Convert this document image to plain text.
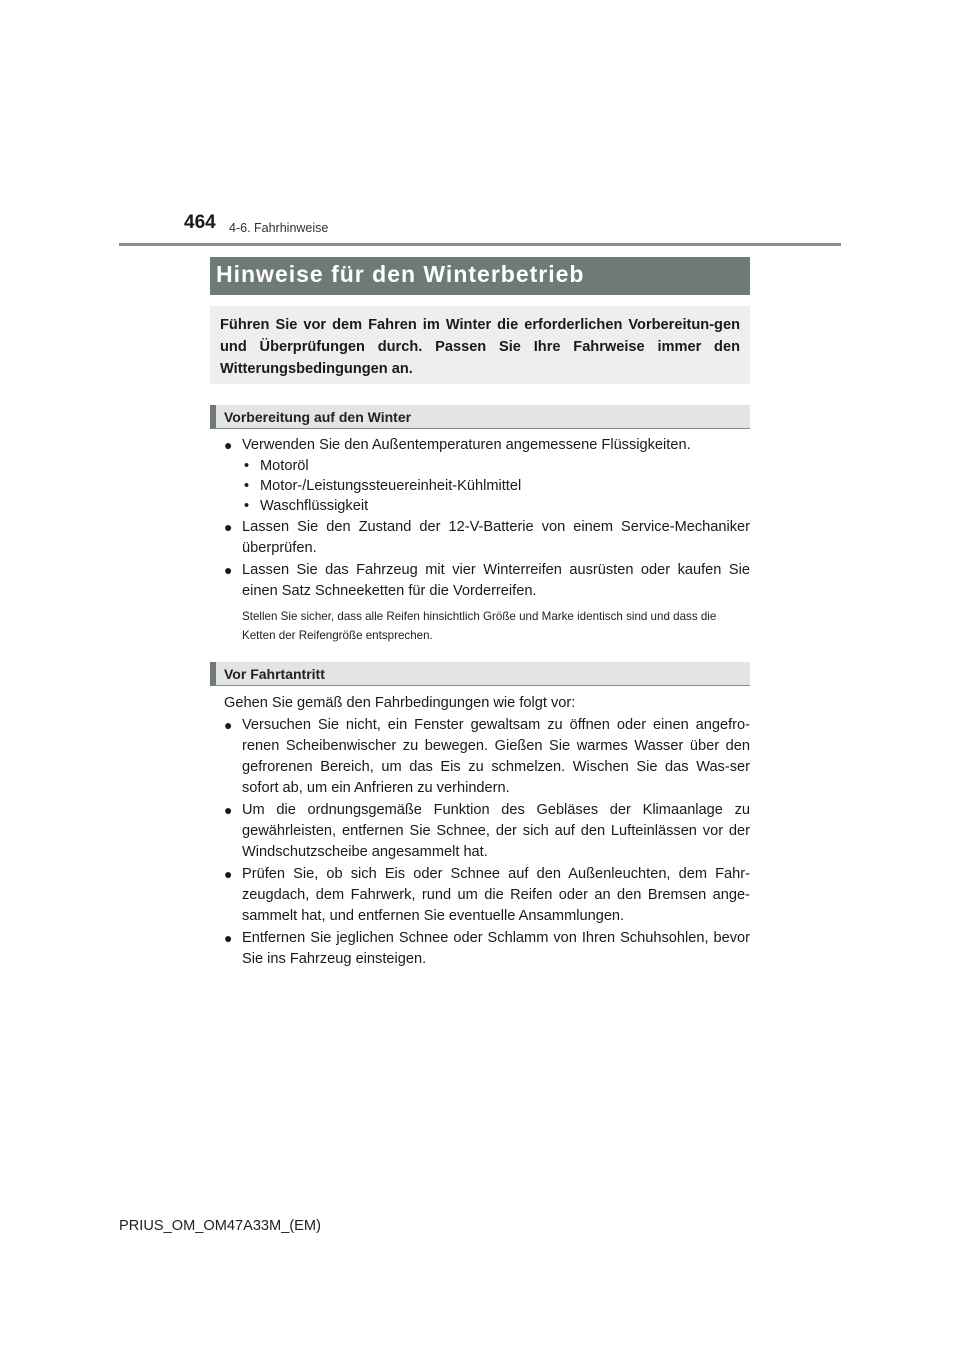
464 4-6. Fahrhinweise
Hinweise für den Winterbetrieb
Führen Sie vor dem Fahren im Winter die erforderlichen Vorbereitun-gen und Überprüfungen durch. Passen Sie Ihre Fahrweise immer den Witterungsbedingungen an.
Vorbereitung auf den Winter
● Verwenden Sie den Außentemperaturen angemessene Flüssigkeiten.
• Motoröl
• Motor-/Leistungssteuereinheit-Kühlmittel
• Waschflüssigkeit
● Lassen Sie den Zustand der 12-V-Batterie von einem Service-Mechaniker überprüfen.
● Lassen Sie das Fahrzeug mit vier Winterreifen ausrüsten oder kaufen Sie einen Satz Schneeketten für die Vorderreifen.
Stellen Sie sicher, dass alle Reifen hinsichtlich Größe und Marke identisch sind und dass die Ketten der Reifengröße entsprechen.
Vor Fahrtantritt
Gehen Sie gemäß den Fahrbedingungen wie folgt vor:
● Versuchen Sie nicht, ein Fenster gewaltsam zu öffnen oder einen angefro-renen Scheibenwischer zu bewegen. Gießen Sie warmes Wasser über den gefrorenen Bereich, um das Eis zu schmelzen. Wischen Sie das Was-ser sofort ab, um ein Anfrieren zu verhindern.
● Um die ordnungsgemäße Funktion des Gebläses der Klimaanlage zu gewährleisten, entfernen Sie Schnee, der sich auf den Lufteinlässen vor der Windschutzscheibe angesammelt hat.
● Prüfen Sie, ob sich Eis oder Schnee auf den Außenleuchten, dem Fahr-zeugdach, dem Fahrwerk, rund um die Reifen oder an den Bremsen ange-sammelt hat, und entfernen Sie eventuelle Ansammlungen.
● Entfernen Sie jeglichen Schnee oder Schlamm von Ihren Schuhsohlen, bevor Sie ins Fahrzeug einsteigen.
PRIUS_OM_OM47A33M_(EM)
